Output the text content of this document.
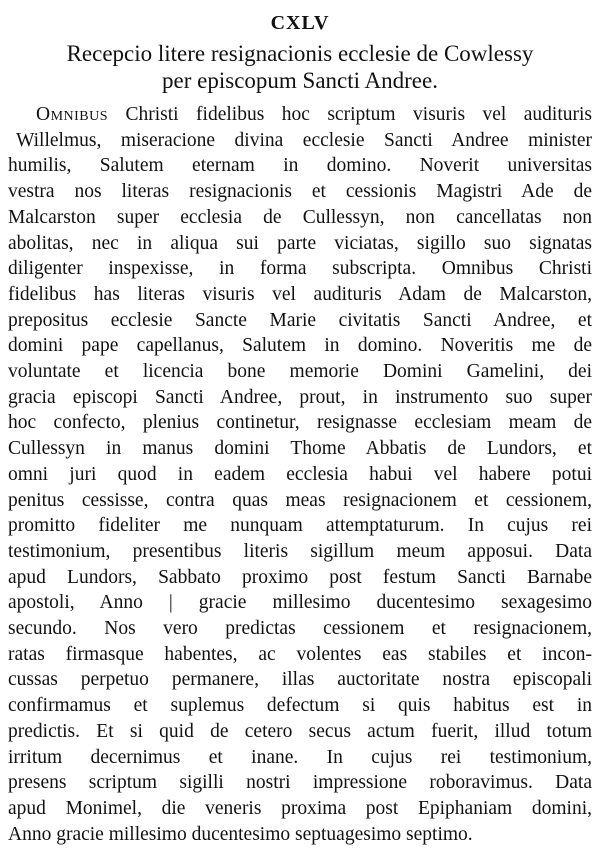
CXLV
Recepcio litere resignacionis ecclesie de Cowlessy
per episcopum Sancti Andree.
Omnibus Christi fidelibus hoc scriptum visuris vel audituris
Willelmus, miseracione divina ecclesie Sancti Andree minister
humilis, Salutem eternam in domino. Noverit universitas
vestra nos literas resignacionis et cessionis Magistri Ade de
Malcarston super ecclesia de Cullessyn, non cancellatas non
abolitas, nec in aliqua sui parte viciatas, sigillo suo signatas
diligenter inspexisse, in forma subscripta. Omnibus Christi
fidelibus has literas visuris vel audituris Adam de Malcarston,
prepositus ecclesie Sancte Marie civitatis Sancti Andree, et
domini pape capellanus, Salutem in domino. Noveritis me de
voluntate et licencia bone memorie Domini Gamelini, dei
gracia episcopi Sancti Andree, prout, in instrumento suo super
hoc confecto, plenius continetur, resignasse ecclesiam meam de
Cullessyn in manus domini Thome Abbatis de Lundors, et
omni juri quod in eadem ecclesia habui vel habere potui
penitus cessisse, contra quas meas resignacionem et cessionem,
promitto fideliter me nunquam attemptaturum. In cujus rei
testimonium, presentibus literis sigillum meum apposui. Data
apud Lundors, Sabbato proximo post festum Sancti Barnabe
apostoli, Anno | gracie millesimo ducentesimo sexagesimo
secundo. Nos vero predictas cessionem et resignacionem,
ratas firmasque habentes, ac volentes eas stabiles et incon-
cussas perpetuo permanere, illas auctoritate nostra episcopali
confirmamus et suplemus defectum si quis habitus est in
predictis. Et si quid de cetero secus actum fuerit, illud totum
irritum decernimus et inane. In cujus rei testimonium,
presens scriptum sigilli nostri impressione roboravimus. Data
apud Monimel, die veneris proxima post Epiphaniam domini,
Anno gracie millesimo ducentesimo septuagesimo septimo.
